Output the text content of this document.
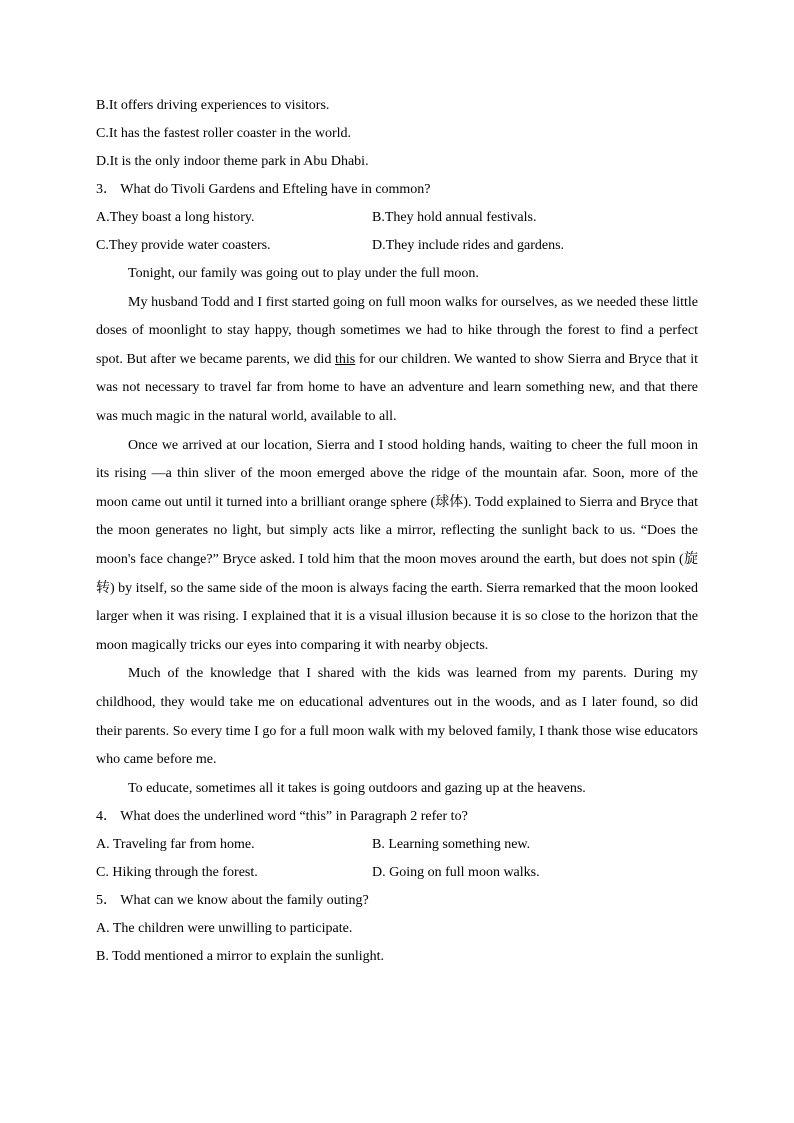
B.It offers driving experiences to visitors.
C.It has the fastest roller coaster in the world.
D.It is the only indoor theme park in Abu Dhabi.
3． What do Tivoli Gardens and Efteling have in common?
A.They boast a long history.	B.They hold annual festivals.
C.They provide water coasters.	D.They include rides and gardens.

Tonight, our family was going out to play under the full moon.

My husband Todd and I first started going on full moon walks for ourselves, as we needed these little doses of moonlight to stay happy, though sometimes we had to hike through the forest to find a perfect spot. But after we became parents, we did this for our children. We wanted to show Sierra and Bryce that it was not necessary to travel far from home to have an adventure and learn something new, and that there was much magic in the natural world, available to all.

Once we arrived at our location, Sierra and I stood holding hands, waiting to cheer the full moon in its rising —a thin sliver of the moon emerged above the ridge of the mountain afar. Soon, more of the moon came out until it turned into a brilliant orange sphere (球体). Todd explained to Sierra and Bryce that the moon generates no light, but simply acts like a mirror, reflecting the sunlight back to us. “Does the moon's face change?” Bryce asked. I told him that the moon moves around the earth, but does not spin (旋转) by itself, so the same side of the moon is always facing the earth. Sierra remarked that the moon looked larger when it was rising. I explained that it is a visual illusion because it is so close to the horizon that the moon magically tricks our eyes into comparing it with nearby objects.

Much of the knowledge that I shared with the kids was learned from my parents. During my childhood, they would take me on educational adventures out in the woods, and as I later found, so did their parents. So every time I go for a full moon walk with my beloved family, I thank those wise educators who came before me.

To educate, sometimes all it takes is going outdoors and gazing up at the heavens.

4． What does the underlined word “this” in Paragraph 2 refer to?
A. Traveling far from home.	B. Learning something new.
C. Hiking through the forest.	D. Going on full moon walks.
5． What can we know about the family outing?
A. The children were unwilling to participate.
B. Todd mentioned a mirror to explain the sunlight.
